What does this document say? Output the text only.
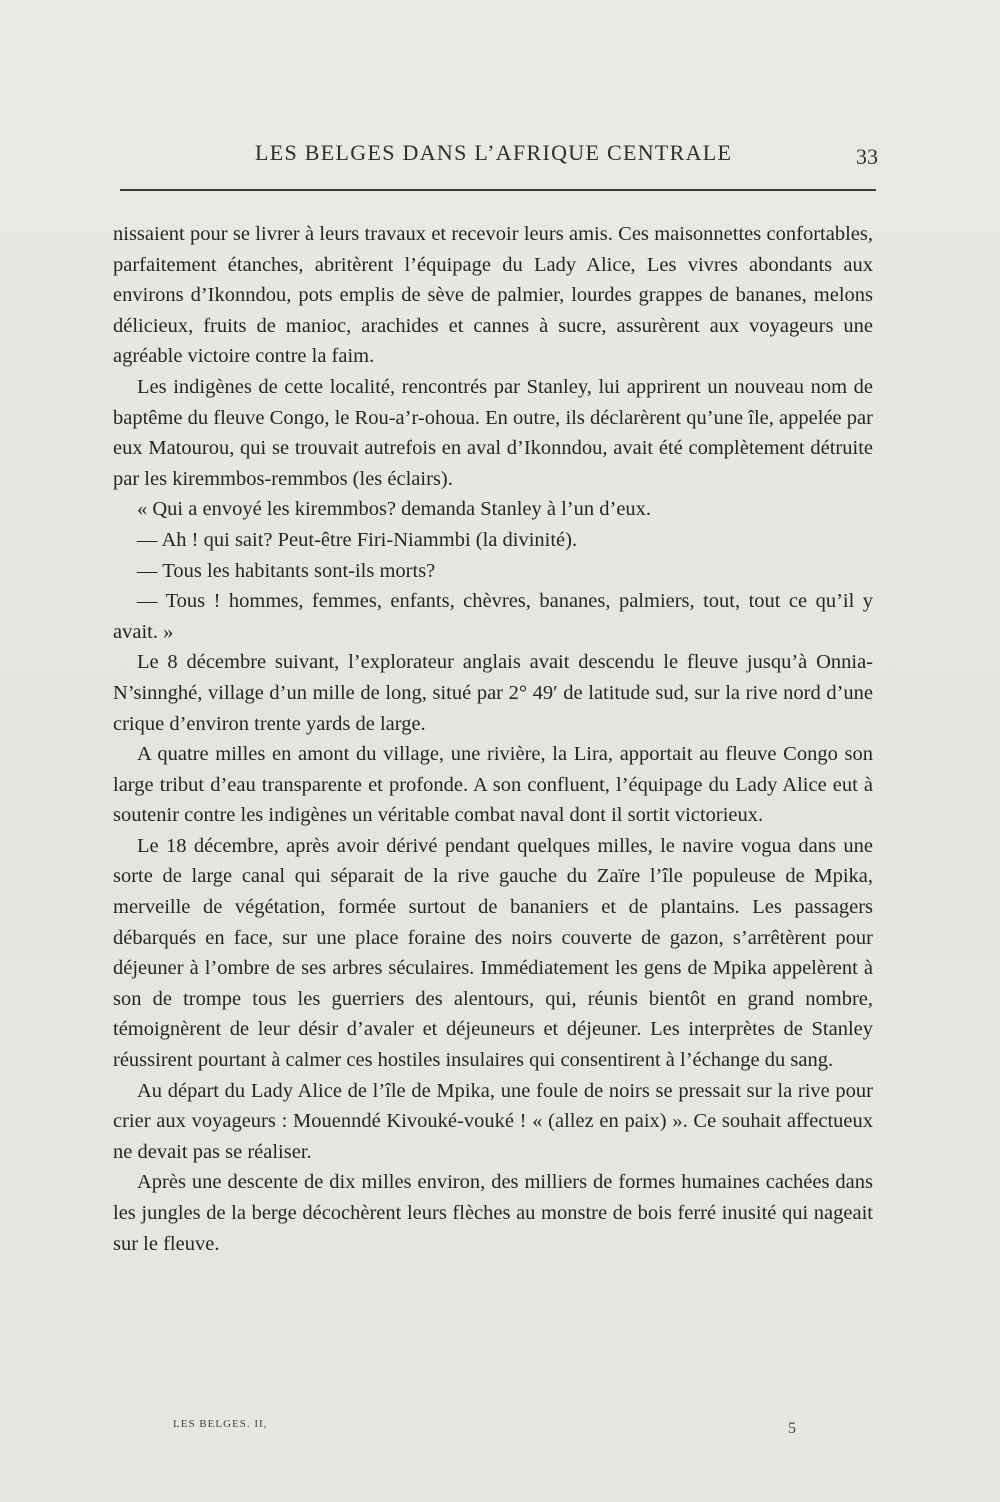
LES BELGES DANS L’AFRIQUE CENTRALE	33

nissaient pour se livrer à leurs travaux et recevoir leurs amis. Ces maisonnettes confortables, parfaitement étanches, abritèrent l’équipage du Lady Alice, Les vivres abondants aux environs d’Ikonndou, pots emplis de sève de palmier, lourdes grappes de bananes, melons délicieux, fruits de manioc, arachides et cannes à sucre, assurèrent aux voyageurs une agréable victoire contre la faim.

Les indigènes de cette localité, rencontrés par Stanley, lui apprirent un nouveau nom de baptême du fleuve Congo, le Rou-a’r-ohoua. En outre, ils déclarèrent qu’une île, appelée par eux Matourou, qui se trouvait autrefois en aval d’Ikonndou, avait été complètement détruite par les kiremmbos-remmbos (les éclairs).

« Qui a envoyé les kiremmbos? demanda Stanley à l’un d’eux.

— Ah ! qui sait? Peut-être Firi-Niammbi (la divinité).

— Tous les habitants sont-ils morts?

— Tous ! hommes, femmes, enfants, chèvres, bananes, palmiers, tout, tout ce qu’il y avait. »

Le 8 décembre suivant, l’explorateur anglais avait descendu le fleuve jusqu’à Onnia-N’sinnghé, village d’un mille de long, situé par 2° 49′ de latitude sud, sur la rive nord d’une crique d’environ trente yards de large.

A quatre milles en amont du village, une rivière, la Lira, apportait au fleuve Congo son large tribut d’eau transparente et profonde. A son confluent, l’équipage du Lady Alice eut à soutenir contre les indigènes un véritable combat naval dont il sortit victorieux.

Le 18 décembre, après avoir dérivé pendant quelques milles, le navire vogua dans une sorte de large canal qui séparait de la rive gauche du Zaïre l’île populeuse de Mpika, merveille de végétation, formée surtout de bananiers et de plantains. Les passagers débarqués en face, sur une place foraine des noirs couverte de gazon, s’arrêtèrent pour déjeuner à l’ombre de ses arbres séculaires. Immédiatement les gens de Mpika appelèrent à son de trompe tous les guerriers des alentours, qui, réunis bientôt en grand nombre, témoignèrent de leur désir d’avaler et déjeuneurs et déjeuner. Les interprètes de Stanley réussirent pourtant à calmer ces hostiles insulaires qui consentirent à l’échange du sang.

Au départ du Lady Alice de l’île de Mpika, une foule de noirs se pressait sur la rive pour crier aux voyageurs : Mouenndé Kivouké-vouké ! « (allez en paix) ». Ce souhait affectueux ne devait pas se réaliser.

Après une descente de dix milles environ, des milliers de formes humaines cachées dans les jungles de la berge décochèrent leurs flèches au monstre de bois ferré inusité qui nageait sur le fleuve.

LES BELGES. II,	5
